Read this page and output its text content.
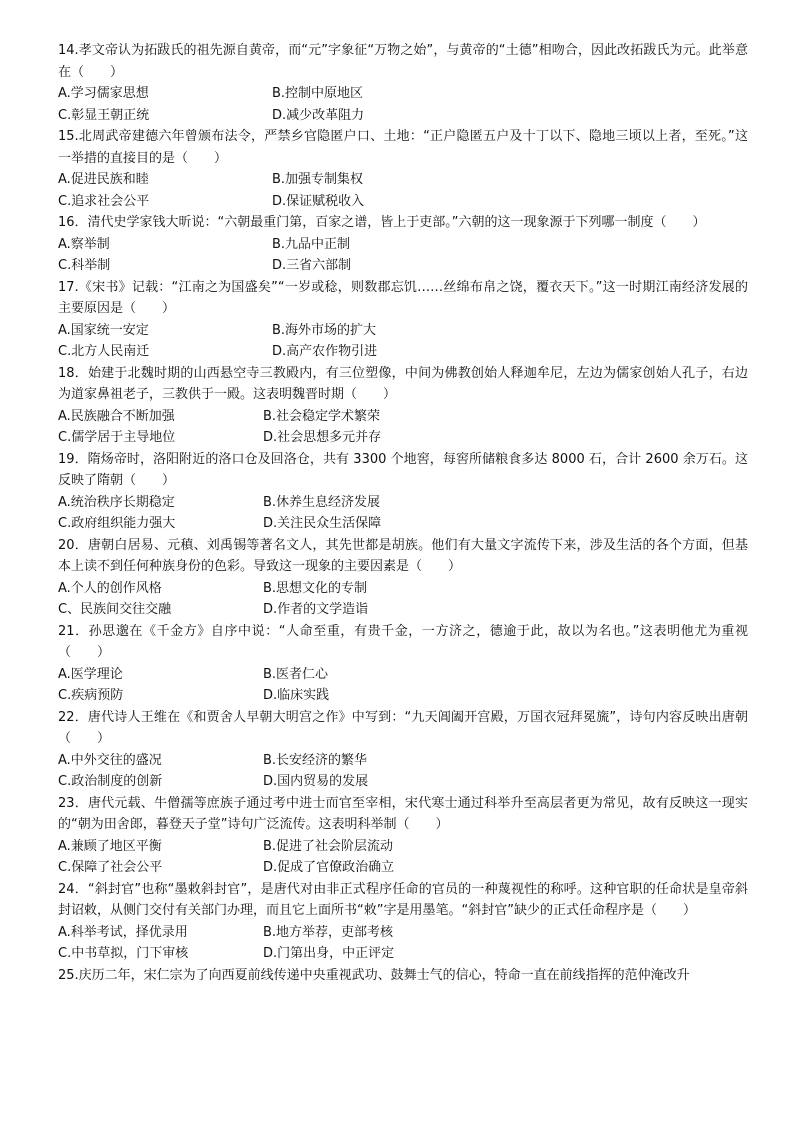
14.孝文帝认为拓跋氏的祖先源自黄帝，而“元”字象征“万物之始”，与黄帝的“土德”相吻合，因此改拓跋氏为元。此举意在（　　）

A.学习儒家思想	B.控制中原地区
C.彰显王朝正统	D.减少改革阻力

15.北周武帝建德六年曾颁布法令，严禁乡官隐匿户口、土地：“正户隐匿五户及十丁以下、隐地三顷以上者，至死。”这一举措的直接目的是（　　）

A.促进民族和睦	B.加强专制集权
C.追求社会公平	D.保证赋税收入

16．清代史学家钱大昕说：“六朝最重门第，百家之谱，皆上于吏部。”六朝的这一现象源于下列哪一制度（　　）

A.察举制	B.九品中正制
C.科举制	D.三省六部制

17.《宋书》记载：“江南之为国盛矣”“一岁或稔，则数郡忘饥……丝绵布帛之饶，覆衣天下。”这一时期江南经济发展的主要原因是（　　）

A.国家统一安定	B.海外市场的扩大
C.北方人民南迁	D.高产农作物引进

18．始建于北魏时期的山西悬空寺三教殿内，有三位塑像，中间为佛教创始人释迦牟尼，左边为儒家创始人孔子，右边为道家鼻祖老子，三教供于一殿。这表明魏晋时期（　　）

A.民族融合不断加强	B.社会稳定学术繁荣
C.儒学居于主导地位	D.社会思想多元并存

19．隋炀帝时，洛阳附近的洛口仓及回洛仓，共有 3300 个地窖，每窖所储粮食多达 8000 石，合计 2600 余万石。这反映了隋朝（　　）

A.统治秩序长期稳定	B.休养生息经济发展
C.政府组织能力强大	D.关注民众生活保障

20．唐朝白居易、元稹、刘禹锡等著名文人，其先世都是胡族。他们有大量文字流传下来，涉及生活的各个方面，但基本上读不到任何种族身份的色彩。导致这一现象的主要因素是（　　）

A.个人的创作风格	B.思想文化的专制
C、民族间交往交融	D.作者的文学造诣

21．孙思邈在《千金方》自序中说：“人命至重，有贵千金，一方济之，德逾于此，故以为名也。”这表明他尤为重视（　　）

A.医学理论	B.医者仁心
C.疾病预防	D.临床实践

22．唐代诗人王维在《和贾舍人早朝大明宫之作》中写到：“九天阊阖开宫殿，万国衣冠拜冕旒”，诗句内容反映出唐朝（　　）

A.中外交往的盛况	B.长安经济的繁华
C.政治制度的创新	D.国内贸易的发展

23．唐代元载、牛僧孺等庶族子通过考中进士而官至宰相，宋代寒士通过科举升至高层者更为常见，故有反映这一现实的“朝为田舍郎，暮登天子堂”诗句广泛流传。这表明科举制（　　）

A.兼顾了地区平衡	B.促进了社会阶层流动
C.保障了社会公平	D.促成了官僚政治确立

24．“斜封官”也称“墨敕斜封官”，是唐代对由非正式程序任命的官员的一种蔑视性的称呼。这种官职的任命状是皇帝斜封诏敕，从侧门交付有关部门办理，而且它上面所书“敕”字是用墨笔。“斜封官”缺少的正式任命程序是（　　）

A.科举考试，择优录用	B.地方举荐，吏部考核
C.中书草拟，门下审核	D.门第出身，中正评定

25.庆历二年，宋仁宗为了向西夏前线传递中央重视武功、鼓舞士气的信心，特命一直在前线指挥的范仲淹改升
